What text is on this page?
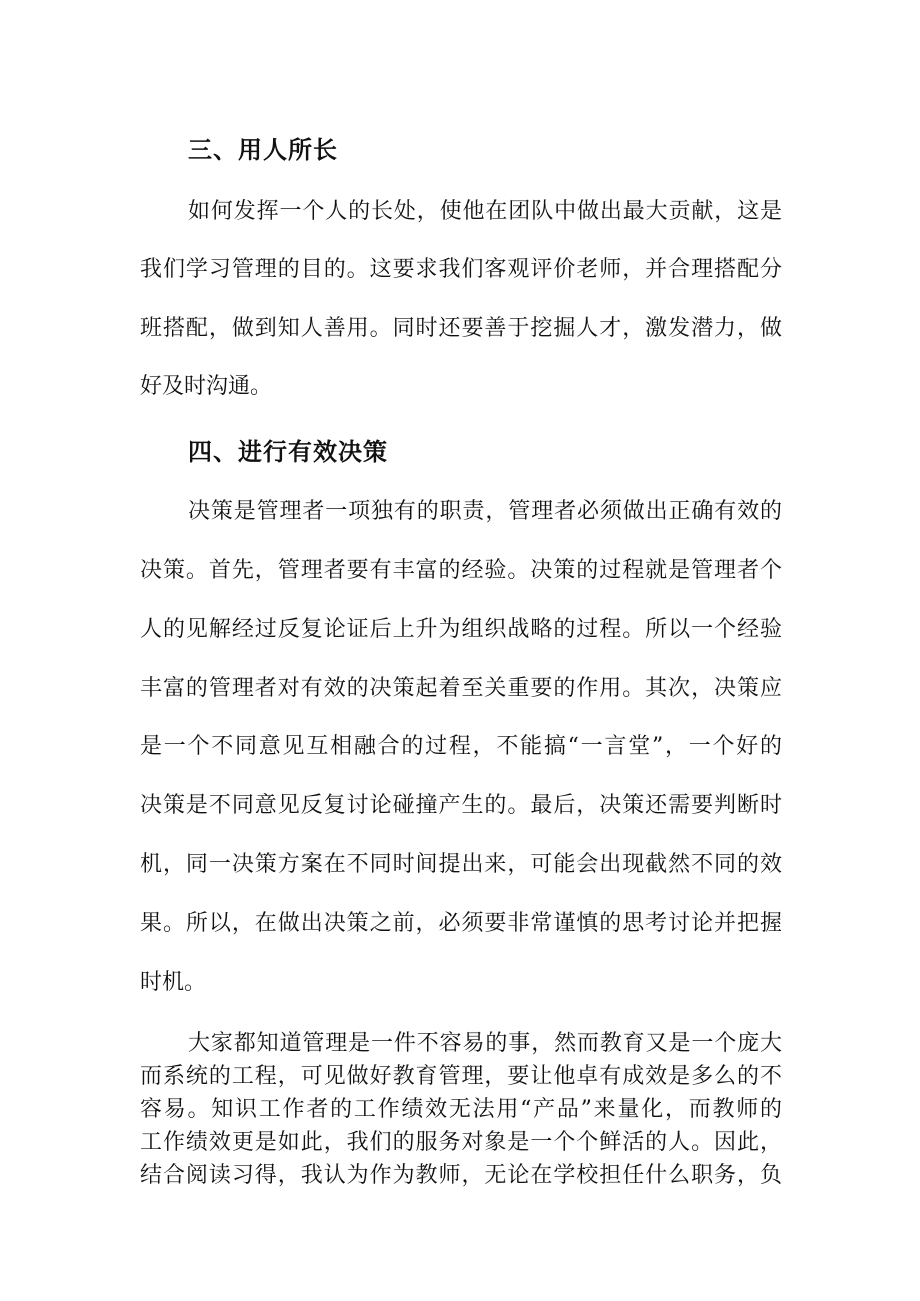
三、用人所长
如何发挥一个人的长处，使他在团队中做出最大贡献，这是
我们学习管理的目的。这要求我们客观评价老师，并合理搭配分
班搭配，做到知人善用。同时还要善于挖掘人才，激发潜力，做
好及时沟通。
四、进行有效决策
决策是管理者一项独有的职责，管理者必须做出正确有效的
决策。首先，管理者要有丰富的经验。决策的过程就是管理者个
人的见解经过反复论证后上升为组织战略的过程。所以一个经验
丰富的管理者对有效的决策起着至关重要的作用。其次，决策应
是一个不同意见互相融合的过程，不能搞“一言堂”，一个好的
决策是不同意见反复讨论碰撞产生的。最后，决策还需要判断时
机，同一决策方案在不同时间提出来，可能会出现截然不同的效
果。所以，在做出决策之前，必须要非常谨慎的思考讨论并把握
时机。
大家都知道管理是一件不容易的事，然而教育又是一个庞大
而系统的工程，可见做好教育管理，要让他卓有成效是多么的不
容易。知识工作者的工作绩效无法用“产品”来量化，而教师的
工作绩效更是如此，我们的服务对象是一个个鲜活的人。因此，
结合阅读习得，我认为作为教师，无论在学校担任什么职务，负
